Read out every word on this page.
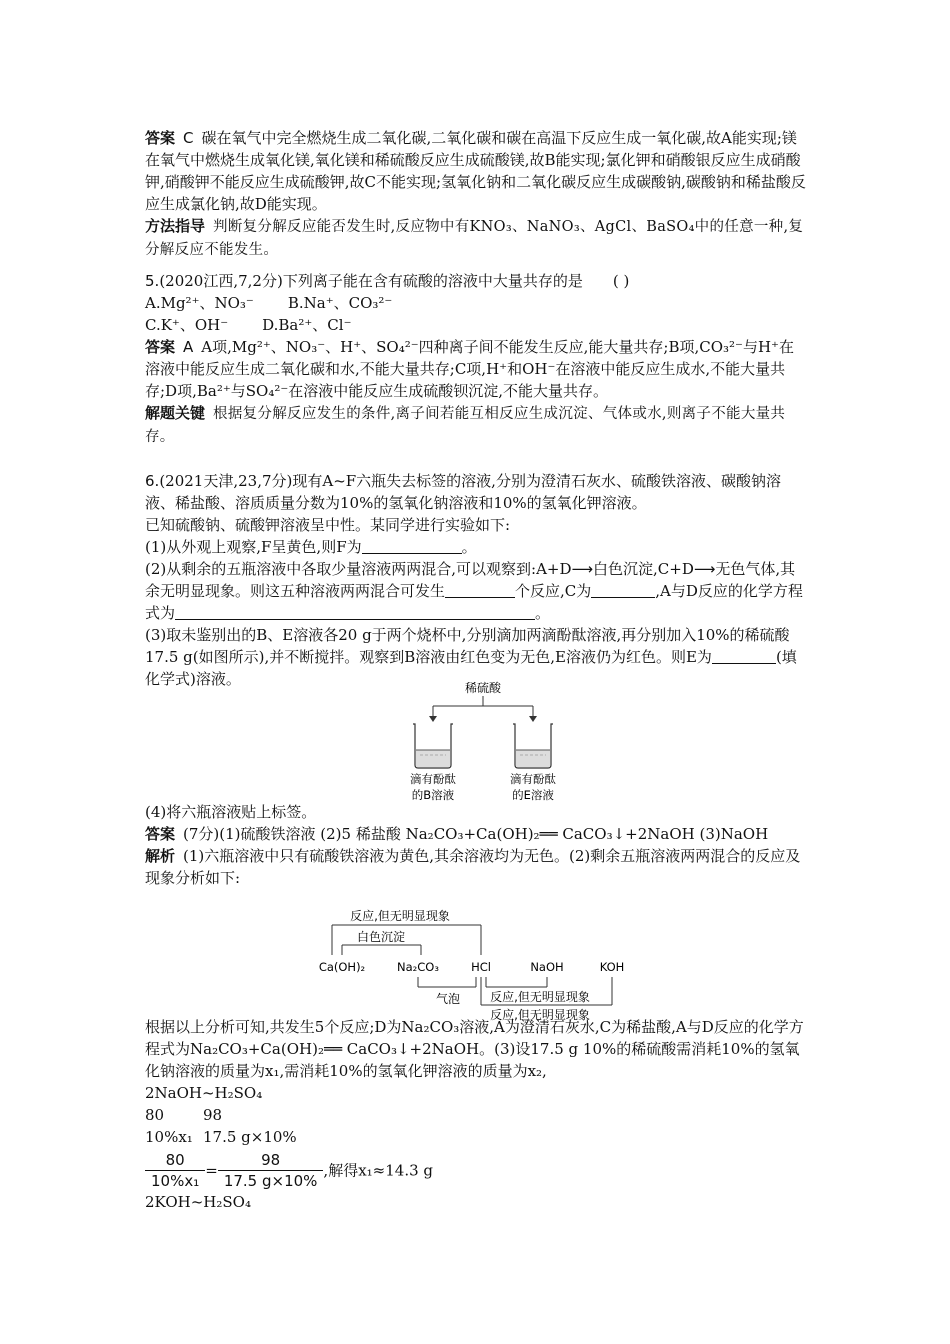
答案 C 碳在氧气中完全燃烧生成二氧化碳,二氧化碳和碳在高温下反应生成一氧化碳,故A能实现;镁在氧气中燃烧生成氧化镁,氧化镁和稀硫酸反应生成硫酸镁,故B能实现;氯化钾和硝酸银反应生成硝酸钾,硝酸钾不能反应生成硫酸钾,故C不能实现;氢氧化钠和二氧化碳反应生成碳酸钠,碳酸钠和稀盐酸反应生成氯化钠,故D能实现。

方法指导 判断复分解反应能否发生时,反应物中有KNO₃、NaNO₃、AgCl、BaSO₄中的任意一种,复分解反应不能发生。

5.(2020江西,7,2分)下列离子能在含有硫酸的溶液中大量共存的是 ( )

A.Mg²⁺、NO₃⁻ B.Na⁺、CO₃²⁻

C.K⁺、OH⁻ D.Ba²⁺、Cl⁻

答案 A A项,Mg²⁺、NO₃⁻、H⁺、SO₄²⁻四种离子间不能发生反应,能大量共存;B项,CO₃²⁻与H⁺在溶液中能反应生成二氧化碳和水,不能大量共存;C项,H⁺和OH⁻在溶液中能反应生成水,不能大量共存;D项,Ba²⁺与SO₄²⁻在溶液中能反应生成硫酸钡沉淀,不能大量共存。

解题关键 根据复分解反应发生的条件,离子间若能互相反应生成沉淀、气体或水,则离子不能大量共存。

6.(2021天津,23,7分)现有A~F六瓶失去标签的溶液,分别为澄清石灰水、硫酸铁溶液、碳酸钠溶液、稀盐酸、溶质质量分数为10%的氢氧化钠溶液和10%的氢氧化钾溶液。

已知硫酸钠、硫酸钾溶液呈中性。某同学进行实验如下:

(1)从外观上观察,F呈黄色,则F为	。

(2)从剩余的五瓶溶液中各取少量溶液两两混合,可以观察到:A+D⟶白色沉淀,C+D⟶无色气体,其余无明显现象。则这五种溶液两两混合可发生	个反应,C为	,A与D反应的化学方程式为	。

(3)取未鉴别出的B、E溶液各20 g于两个烧杯中,分别滴加两滴酚酞溶液,再分别加入10%的稀硫酸17.5 g(如图所示),并不断搅拌。观察到B溶液由红色变为无色,E溶液仍为红色。则E为	(填化学式)溶液。	稀硫酸
滴有酚酞
的B溶液
滴有酚酞
的E溶液

(4)将六瓶溶液贴上标签。

答案 (7分)(1)硫酸铁溶液 (2)5 稀盐酸 Na₂CO₃+Ca(OH)₂══ CaCO₃↓+2NaOH (3)NaOH

解析 (1)六瓶溶液中只有硫酸铁溶液为黄色,其余溶液均为无色。(2)剩余五瓶溶液两两混合的反应及现象分析如下:

反应,但无明显现象
白色沉淀
Ca(OH)₂	Na₂CO₃	HCl	NaOH	KOH
气泡	反应,但无明显现象
反应,但无明显现象

根据以上分析可知,共发生5个反应;D为Na₂CO₃溶液,A为澄清石灰水,C为稀盐酸,A与D反应的化学方程式为Na₂CO₃+Ca(OH)₂══ CaCO₃↓+2NaOH。(3)设17.5 g 10%的稀硫酸需消耗10%的氢氧化钠溶液的质量为x₁,需消耗10%的氢氧化钾溶液的质量为x₂,

2NaOH~H₂SO₄

80	98

10%x₁ 17.5 g×10%

$\frac{80}{\text{10\%x₁}} = \frac{98}{17.5 g\times 10\%}$ ,解得x₁≈14.3 g

2KOH~H₂SO₄
